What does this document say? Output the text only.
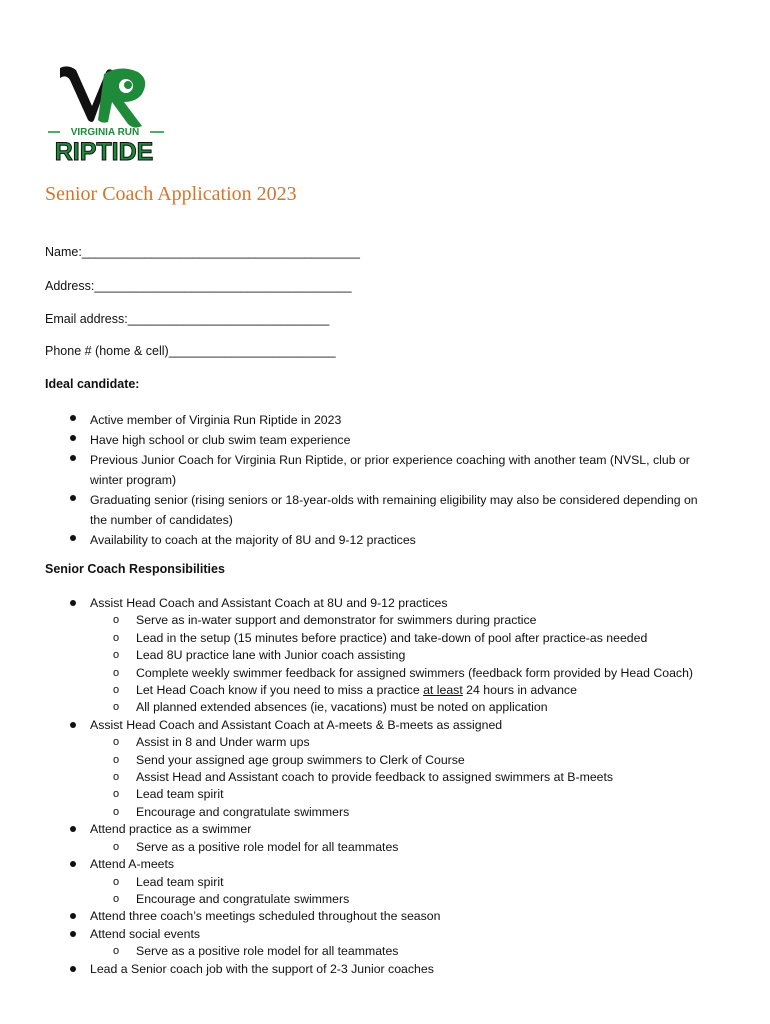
VIRGINIA RUN
RIPTIDE
Senior Coach Application 2023
Name:________________________________________
Address:_____________________________________
Email address:_____________________________
Phone # (home & cell)________________________
Ideal candidate:
Active member of Virginia Run Riptide in 2023
Have high school or club swim team experience
Previous Junior Coach for Virginia Run Riptide, or prior experience coaching with another team (NVSL, club or
winter program)
Graduating senior (rising seniors or 18-year-olds with remaining eligibility may also be considered depending on
the number of candidates)
Availability to coach at the majority of 8U and 9-12 practices
Senior Coach Responsibilities
Assist Head Coach and Assistant Coach at 8U and 9-12 practices
o Serve as in-water support and demonstrator for swimmers during practice
o Lead in the setup (15 minutes before practice) and take-down of pool after practice-as needed
o Lead 8U practice lane with Junior coach assisting
o Complete weekly swimmer feedback for assigned swimmers (feedback form provided by Head Coach)
o Let Head Coach know if you need to miss a practice at least 24 hours in advance
o All planned extended absences (ie, vacations) must be noted on application
Assist Head Coach and Assistant Coach at A-meets & B-meets as assigned
o Assist in 8 and Under warm ups
o Send your assigned age group swimmers to Clerk of Course
o Assist Head and Assistant coach to provide feedback to assigned swimmers at B-meets
o Lead team spirit
o Encourage and congratulate swimmers
Attend practice as a swimmer
o Serve as a positive role model for all teammates
Attend A-meets
o Lead team spirit
o Encourage and congratulate swimmers
Attend three coach’s meetings scheduled throughout the season
Attend social events
o Serve as a positive role model for all teammates
Lead a Senior coach job with the support of 2-3 Junior coaches
